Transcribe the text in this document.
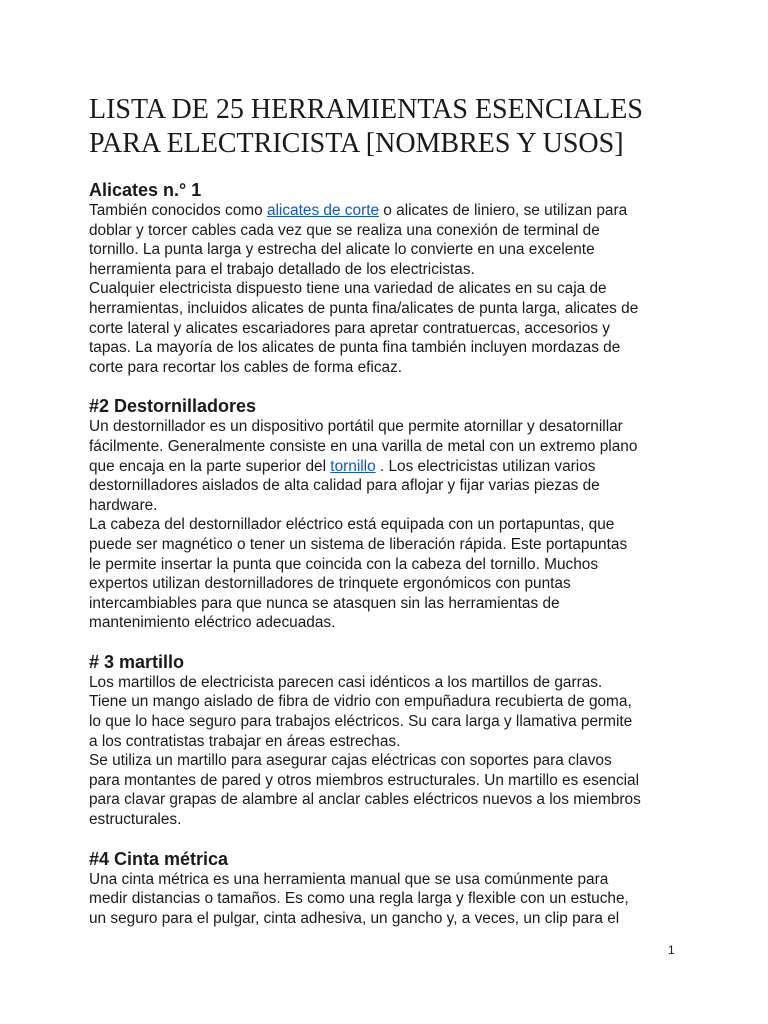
LISTA DE 25 HERRAMIENTAS ESENCIALES
PARA ELECTRICISTA [NOMBRES Y USOS]
Alicates n.° 1

También conocidos como alicates de corte o alicates de liniero, se utilizan para
doblar y torcer cables cada vez que se realiza una conexión de terminal de
tornillo. La punta larga y estrecha del alicate lo convierte en una excelente
herramienta para el trabajo detallado de los electricistas.

Cualquier electricista dispuesto tiene una variedad de alicates en su caja de
herramientas, incluidos alicates de punta fina/alicates de punta larga, alicates de
corte lateral y alicates escariadores para apretar contratuercas, accesorios y
tapas. La mayoría de los alicates de punta fina también incluyen mordazas de
corte para recortar los cables de forma eficaz.

#2 Destornilladores

Un destornillador es un dispositivo portátil que permite atornillar y desatornillar
fácilmente. Generalmente consiste en una varilla de metal con un extremo plano
que encaja en la parte superior del tornillo . Los electricistas utilizan varios
destornilladores aislados de alta calidad para aflojar y fijar varias piezas de
hardware.

La cabeza del destornillador eléctrico está equipada con un portapuntas, que
puede ser magnético o tener un sistema de liberación rápida. Este portapuntas
le permite insertar la punta que coincida con la cabeza del tornillo. Muchos
expertos utilizan destornilladores de trinquete ergonómicos con puntas
intercambiables para que nunca se atasquen sin las herramientas de
mantenimiento eléctrico adecuadas.

# 3 martillo

Los martillos de electricista parecen casi idénticos a los martillos de garras.
Tiene un mango aislado de fibra de vidrio con empuñadura recubierta de goma,
lo que lo hace seguro para trabajos eléctricos. Su cara larga y llamativa permite
a los contratistas trabajar en áreas estrechas.

Se utiliza un martillo para asegurar cajas eléctricas con soportes para clavos
para montantes de pared y otros miembros estructurales. Un martillo es esencial
para clavar grapas de alambre al anclar cables eléctricos nuevos a los miembros
estructurales.

#4 Cinta métrica

Una cinta métrica es una herramienta manual que se usa comúnmente para
medir distancias o tamaños. Es como una regla larga y flexible con un estuche,
un seguro para el pulgar, cinta adhesiva, un gancho y, a veces, un clip para el

1
